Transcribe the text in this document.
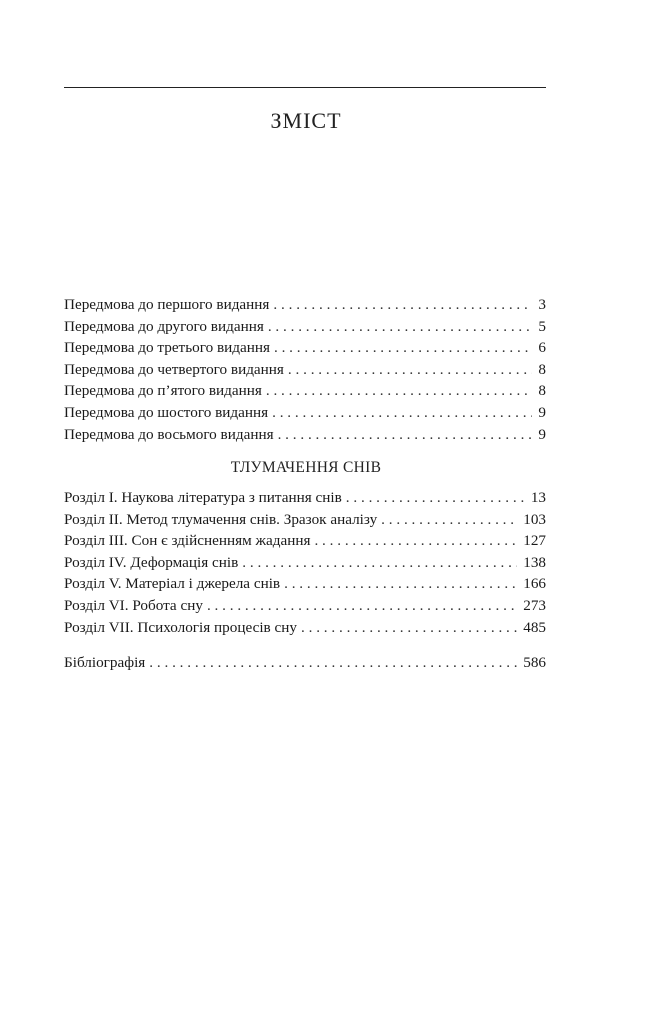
ЗМІСТ
Передмова до першого видання . . .	3
Передмова до другого видання . . .	5
Передмова до третього видання . . .	6
Передмова до четвертого видання . . .	8
Передмова до п’ятого видання . . .	8
Передмова до шостого видання . . .	9
Передмова до восьмого видання . . .	9
ТЛУМАЧЕННЯ СНІВ
Розділ I. Наукова література з питання снів . . .	13
Розділ II. Метод тлумачення снів. Зразок аналізу . . .	103
Розділ III. Сон є здійсненням жадання . . .	127
Розділ IV. Деформація снів . . .	138
Розділ V. Матеріал і джерела снів . . .	166
Розділ VI. Робота сну . . .	273
Розділ VII. Психологія процесів сну . . .	485
Бібліографія . . .	586
